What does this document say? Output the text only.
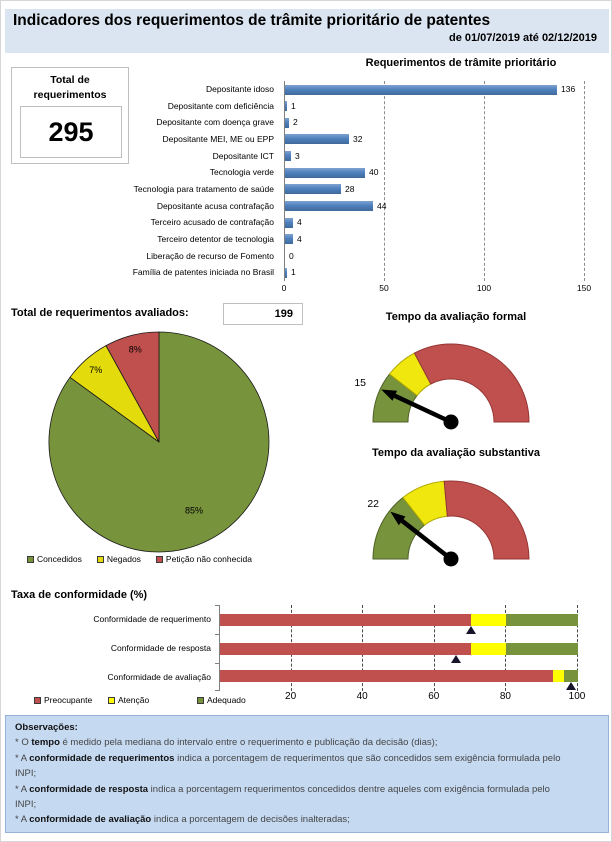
Indicadores dos requerimentos de trâmite prioritário de patentes
de 01/07/2019 até 02/12/2019
Total de requerimentos
295
Requerimentos de trâmite prioritário
Depositante idoso
Depositante com deficiência
Depositante com doença grave
Depositante MEI, ME ou EPP
Depositante ICT
Tecnologia verde
Tecnologia para tratamento de saúde
Depositante acusa contrafação
Terceiro acusado de contrafação
Terceiro detentor de tecnologia
Liberação de recurso de Fomento
Família de patentes iniciada no Brasil
136
1
2
32
3
40
28
44
4
4
0
1
0	50	100	150
Total de requerimentos avaliados:	199
85%
7%
8%
Concedidos	Negados	Petição não conhecida
Tempo da avaliação formal
15
Tempo da avaliação substantiva
22
Taxa de conformidade (%)
Conformidade de requerimento
Conformidade de resposta
Conformidade de avaliação
20	40	60	80	100
Preocupante	Atenção	Adequado
Observações:
* O tempo é medido pela mediana do intervalo entre o requerimento e publicação da decisão (dias);
* A conformidade de requerimentos indica a porcentagem de requerimentos que são concedidos sem exigência formulada pelo INPI;
* A conformidade de resposta indica a porcentagem requerimentos concedidos dentre aqueles com exigência formulada pelo INPI;
* A conformidade de avaliação indica a porcentagem de decisões inalteradas;
